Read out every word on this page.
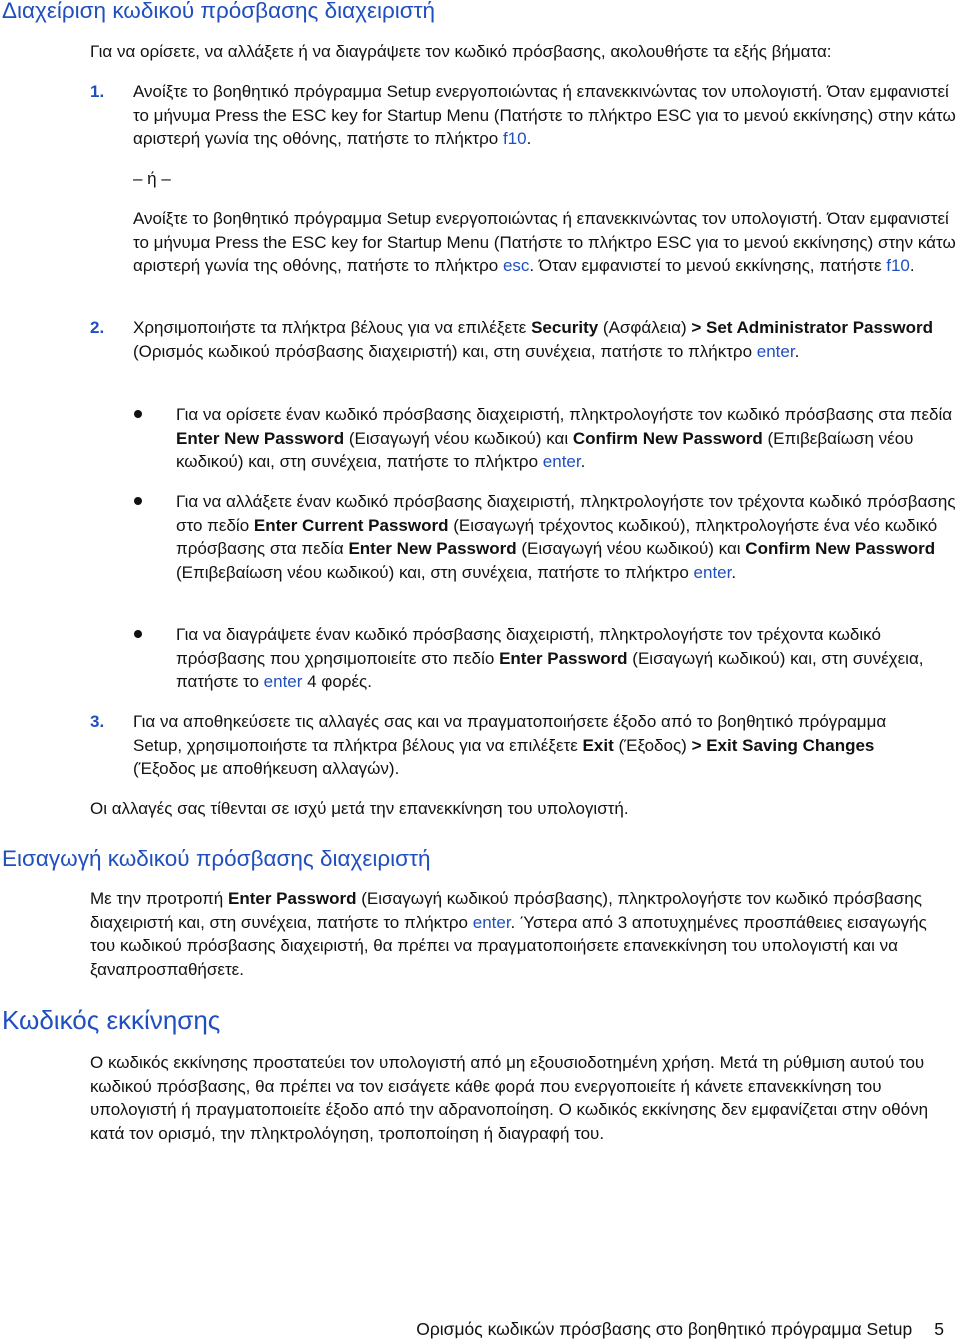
Διαχείριση κωδικού πρόσβασης διαχειριστή

Για να ορίσετε, να αλλάξετε ή να διαγράψετε τον κωδικό πρόσβασης, ακολουθήστε τα εξής βήματα:

1. Ανοίξτε το βοηθητικό πρόγραμμα Setup ενεργοποιώντας ή επανεκκινώντας τον υπολογιστή. Όταν εμφανιστεί το μήνυμα Press the ESC key for Startup Menu (Πατήστε το πλήκτρο ESC για το μενού εκκίνησης) στην κάτω αριστερή γωνία της οθόνης, πατήστε το πλήκτρο f10.

– ή –

Ανοίξτε το βοηθητικό πρόγραμμα Setup ενεργοποιώντας ή επανεκκινώντας τον υπολογιστή. Όταν εμφανιστεί το μήνυμα Press the ESC key for Startup Menu (Πατήστε το πλήκτρο ESC για το μενού εκκίνησης) στην κάτω αριστερή γωνία της οθόνης, πατήστε το πλήκτρο esc. Όταν εμφανιστεί το μενού εκκίνησης, πατήστε f10.

2. Χρησιμοποιήστε τα πλήκτρα βέλους για να επιλέξετε Security (Ασφάλεια) > Set Administrator Password (Ορισμός κωδικού πρόσβασης διαχειριστή) και, στη συνέχεια, πατήστε το πλήκτρο enter.

Για να ορίσετε έναν κωδικό πρόσβασης διαχειριστή, πληκτρολογήστε τον κωδικό πρόσβασης στα πεδία Enter New Password (Εισαγωγή νέου κωδικού) και Confirm New Password (Επιβεβαίωση νέου κωδικού) και, στη συνέχεια, πατήστε το πλήκτρο enter.

Για να αλλάξετε έναν κωδικό πρόσβασης διαχειριστή, πληκτρολογήστε τον τρέχοντα κωδικό πρόσβασης στο πεδίο Enter Current Password (Εισαγωγή τρέχοντος κωδικού), πληκτρολογήστε ένα νέο κωδικό πρόσβασης στα πεδία Enter New Password (Εισαγωγή νέου κωδικού) και Confirm New Password (Επιβεβαίωση νέου κωδικού) και, στη συνέχεια, πατήστε το πλήκτρο enter.

Για να διαγράψετε έναν κωδικό πρόσβασης διαχειριστή, πληκτρολογήστε τον τρέχοντα κωδικό πρόσβασης που χρησιμοποιείτε στο πεδίο Enter Password (Εισαγωγή κωδικού) και, στη συνέχεια, πατήστε το enter 4 φορές.

3. Για να αποθηκεύσετε τις αλλαγές σας και να πραγματοποιήσετε έξοδο από το βοηθητικό πρόγραμμα Setup, χρησιμοποιήστε τα πλήκτρα βέλους για να επιλέξετε Exit (Έξοδος) > Exit Saving Changes (Έξοδος με αποθήκευση αλλαγών).

Οι αλλαγές σας τίθενται σε ισχύ μετά την επανεκκίνηση του υπολογιστή.

Εισαγωγή κωδικού πρόσβασης διαχειριστή

Με την προτροπή Enter Password (Εισαγωγή κωδικού πρόσβασης), πληκτρολογήστε τον κωδικό πρόσβασης διαχειριστή και, στη συνέχεια, πατήστε το πλήκτρο enter. Ύστερα από 3 αποτυχημένες προσπάθειες εισαγωγής του κωδικού πρόσβασης διαχειριστή, θα πρέπει να πραγματοποιήσετε επανεκκίνηση του υπολογιστή και να ξαναπροσπαθήσετε.

Κωδικός εκκίνησης

Ο κωδικός εκκίνησης προστατεύει τον υπολογιστή από μη εξουσιοδοτημένη χρήση. Μετά τη ρύθμιση αυτού του κωδικού πρόσβασης, θα πρέπει να τον εισάγετε κάθε φορά που ενεργοποιείτε ή κάνετε επανεκκίνηση του υπολογιστή ή πραγματοποιείτε έξοδο από την αδρανοποίηση. Ο κωδικός εκκίνησης δεν εμφανίζεται στην οθόνη κατά τον ορισμό, την πληκτρολόγηση, τροποποίηση ή διαγραφή του.

Ορισμός κωδικών πρόσβασης στο βοηθητικό πρόγραμμα Setup 5
